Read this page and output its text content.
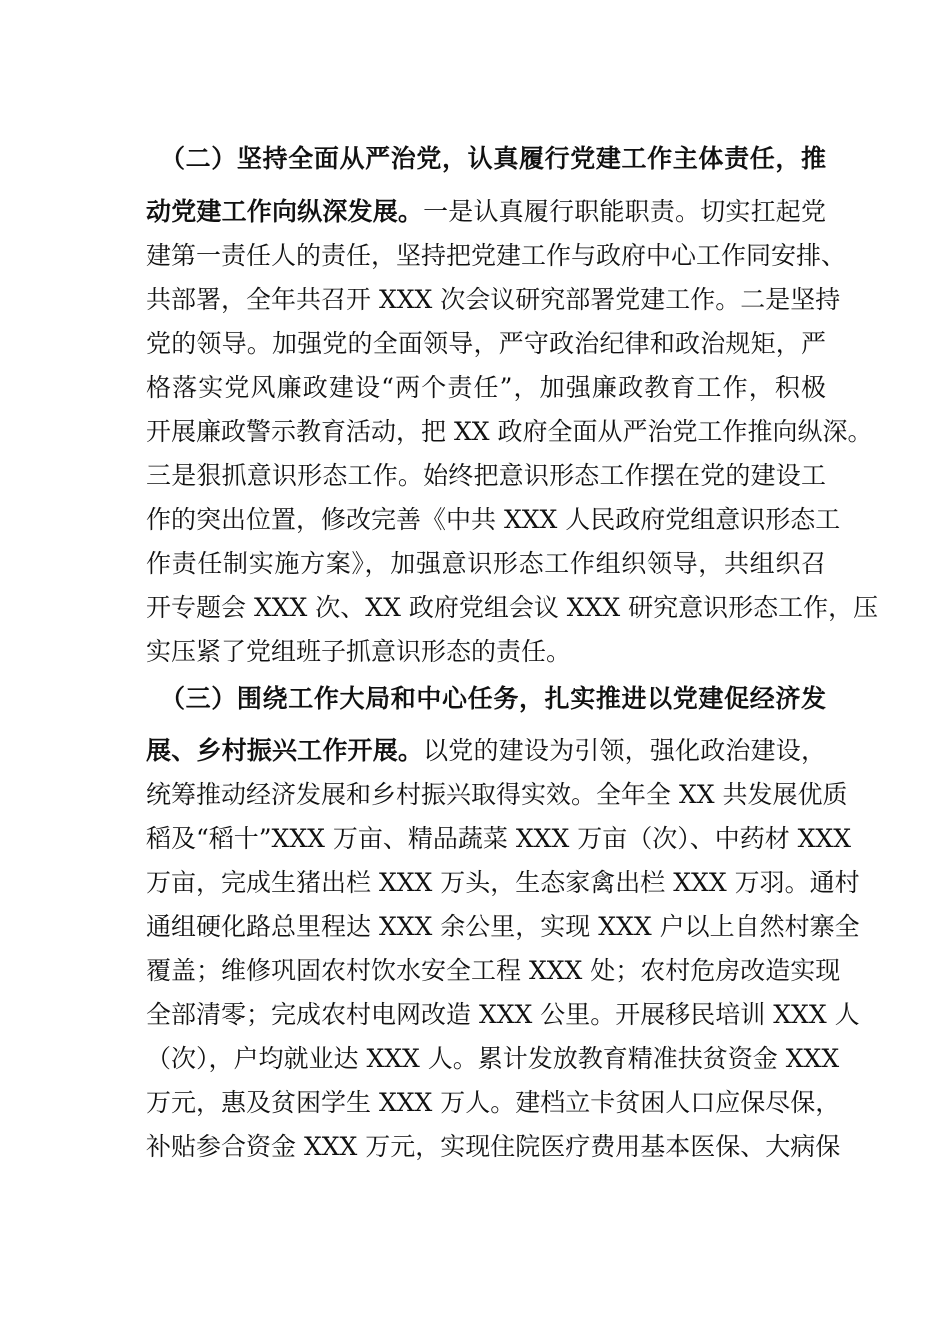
（二）坚持全面从严治党，认真履行党建工作主体责任，推
动党建工作向纵深发展。一是认真履行职能职责。切实扛起党
建第一责任人的责任，坚持把党建工作与政府中心工作同安排、
共部署，全年共召开 XXX 次会议研究部署党建工作。二是坚持
党的领导。加强党的全面领导，严守政治纪律和政治规矩，严
格落实党风廉政建设“两个责任”，加强廉政教育工作，积极
开展廉政警示教育活动，把 XX 政府全面从严治党工作推向纵深。
三是狠抓意识形态工作。始终把意识形态工作摆在党的建设工
作的突出位置，修改完善《中共 XXX 人民政府党组意识形态工
作责任制实施方案》，加强意识形态工作组织领导，共组织召
开专题会 XXX 次、XX 政府党组会议 XXX 研究意识形态工作，压
实压紧了党组班子抓意识形态的责任。
（三）围绕工作大局和中心任务，扎实推进以党建促经济发
展、乡村振兴工作开展。以党的建设为引领，强化政治建设，
统筹推动经济发展和乡村振兴取得实效。全年全 XX 共发展优质
稻及“稻十”XXX 万亩、精品蔬菜 XXX 万亩（次）、中药材 XXX
万亩，完成生猪出栏 XXX 万头，生态家禽出栏 XXX 万羽。通村
通组硬化路总里程达 XXX 余公里，实现 XXX 户以上自然村寨全
覆盖；维修巩固农村饮水安全工程 XXX 处；农村危房改造实现
全部清零；完成农村电网改造 XXX 公里。开展移民培训 XXX 人
（次），户均就业达 XXX 人。累计发放教育精准扶贫资金 XXX
万元，惠及贫困学生 XXX 万人。建档立卡贫困人口应保尽保，
补贴参合资金 XXX 万元，实现住院医疗费用基本医保、大病保
